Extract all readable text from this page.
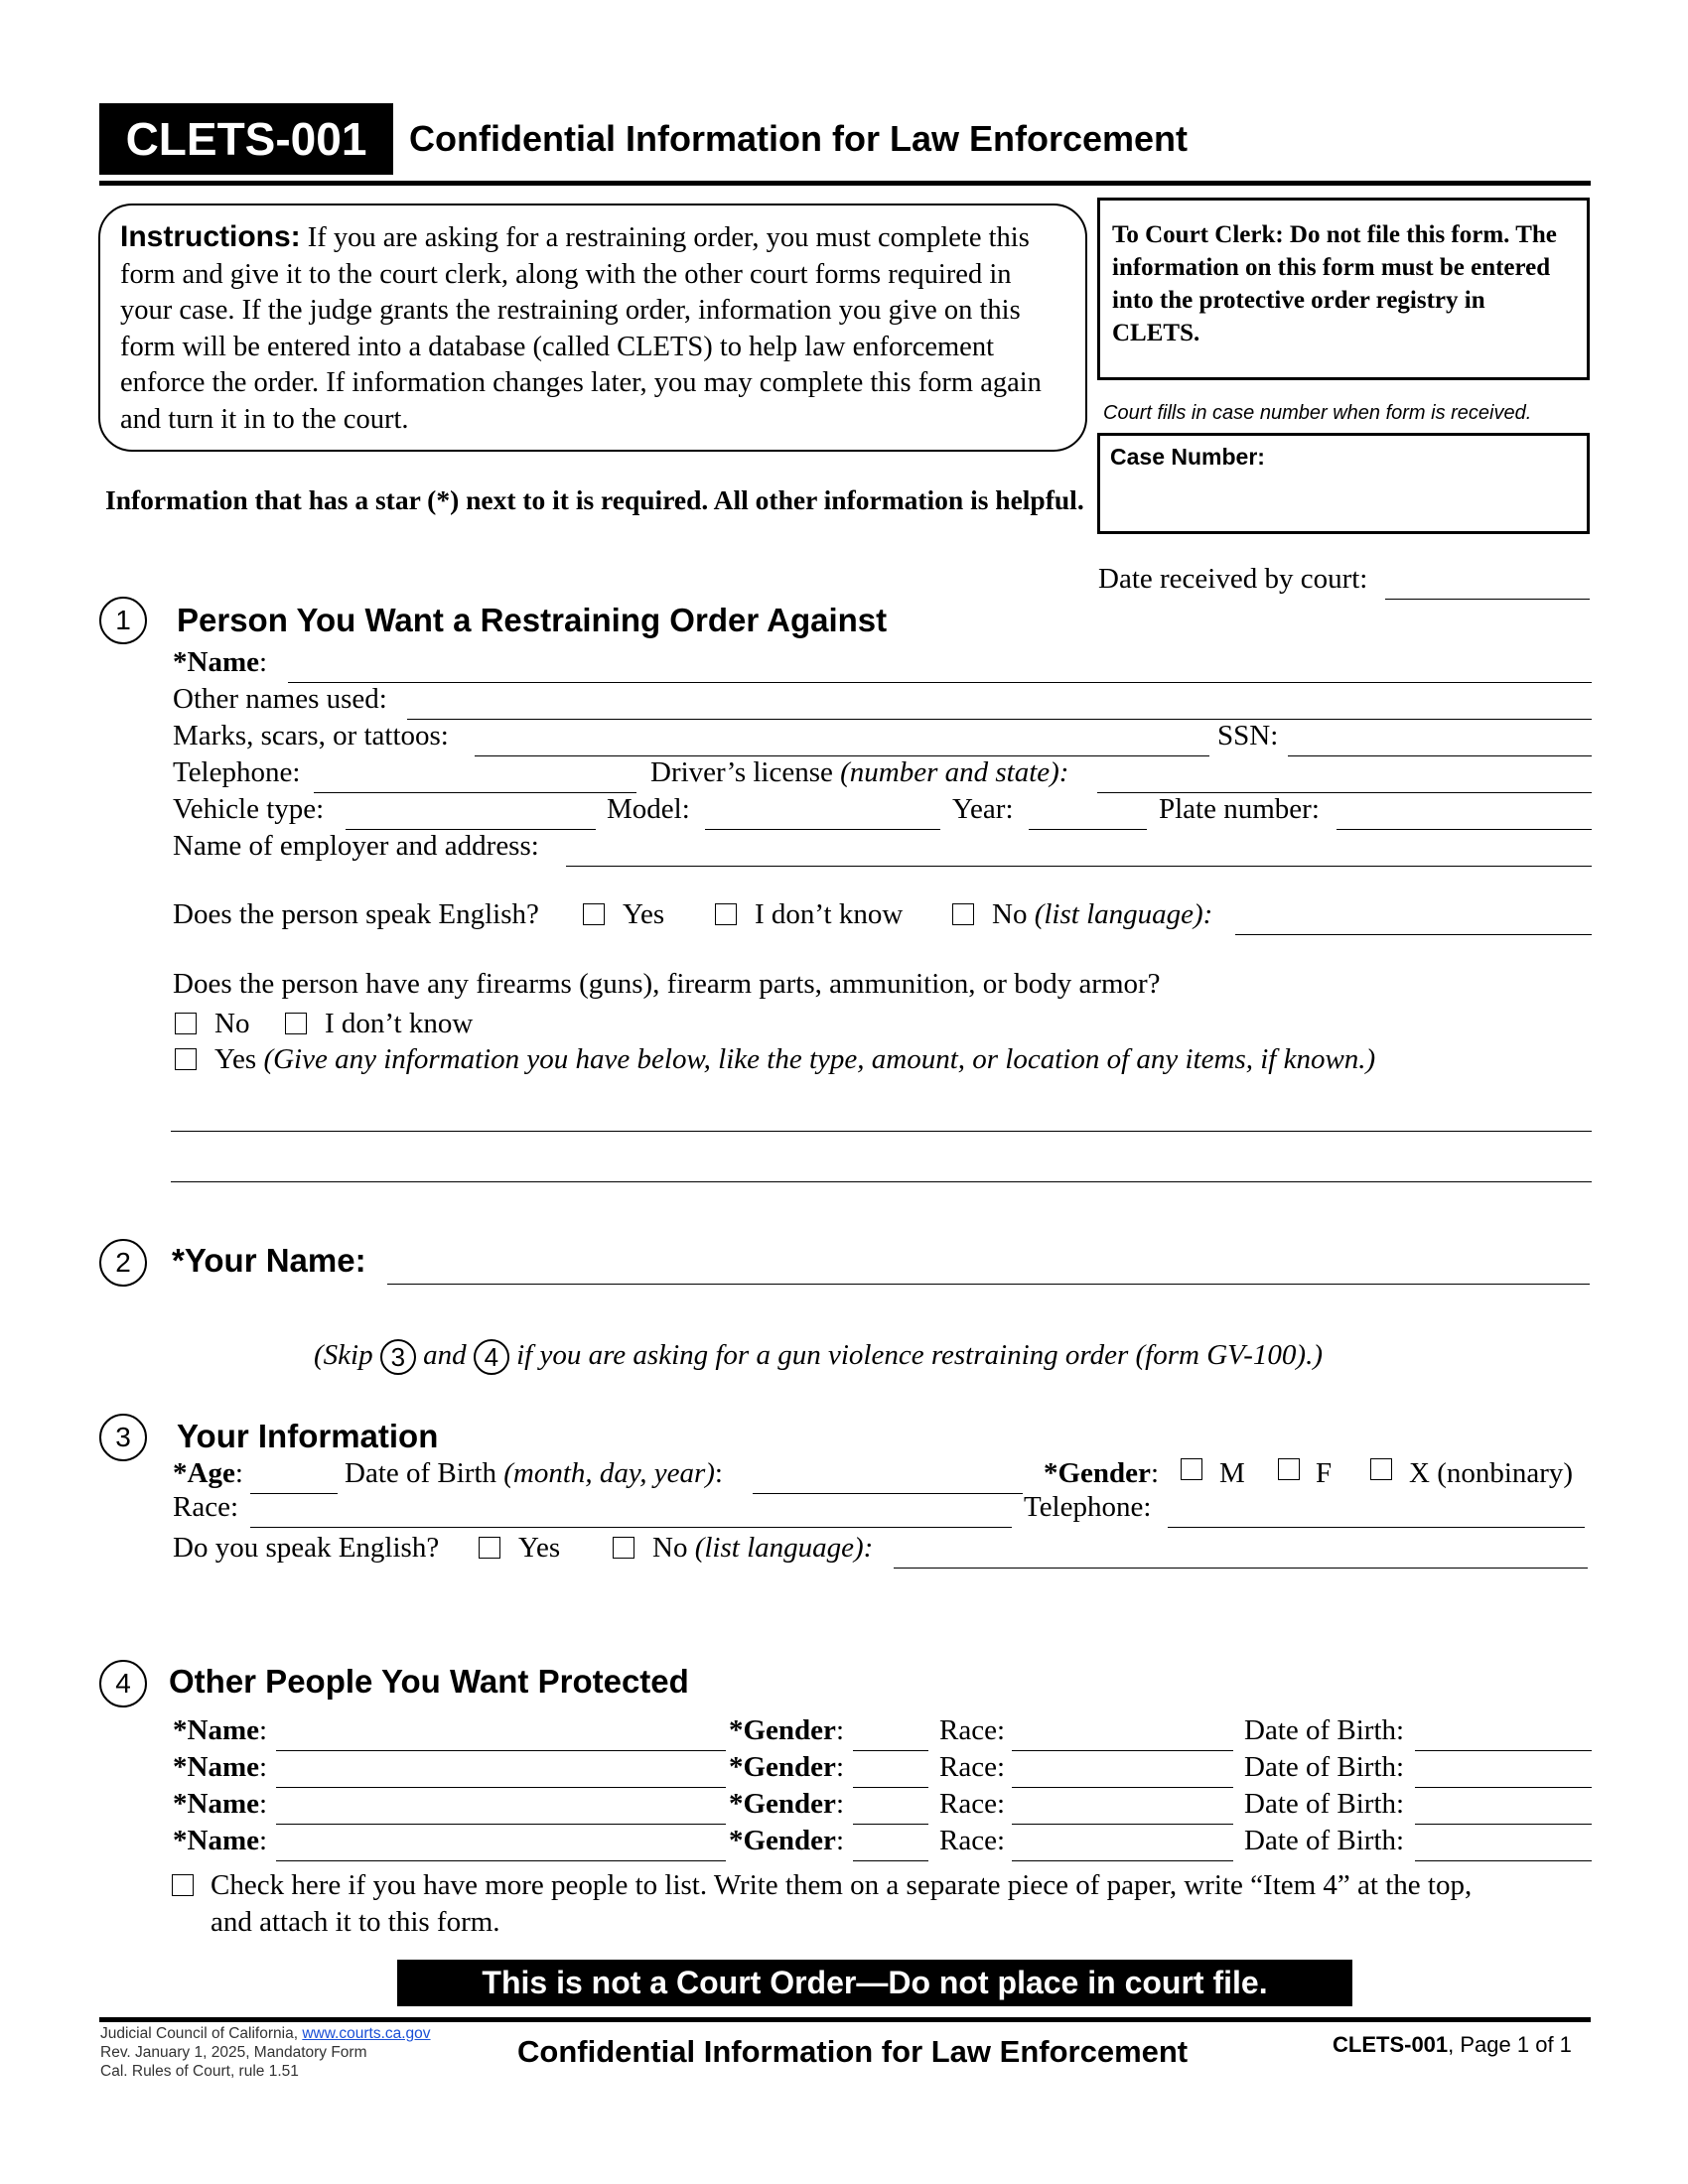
CLETS-001 Confidential Information for Law Enforcement
Instructions: If you are asking for a restraining order, you must complete this form and give it to the court clerk, along with the other court forms required in your case. If the judge grants the restraining order, information you give on this form will be entered into a database (called CLETS) to help law enforcement enforce the order. If information changes later, you may complete this form again and turn it in to the court.
To Court Clerk: Do not file this form. The information on this form must be entered into the protective order registry in CLETS.
Court fills in case number when form is received.
Case Number:
Information that has a star (*) next to it is required. All other information is helpful.
Date received by court:
1	Person You Want a Restraining Order Against
*Name:
Other names used:
Marks, scars, or tattoos:	SSN:
Telephone:	Driver’s license (number and state):
Vehicle type:	Model:	Year:	Plate number:
Name of employer and address:
Does the person speak English?	Yes	I don’t know	No (list language):
Does the person have any firearms (guns), firearm parts, ammunition, or body armor?
No	I don’t know
Yes (Give any information you have below, like the type, amount, or location of any items, if known.)
2	*Your Name:
(Skip 3 and 4 if you are asking for a gun violence restraining order (form GV-100).)
3	Your Information
*Age:	Date of Birth (month, day, year):	*Gender: M F	X (nonbinary)
Race:	Telephone:
Do you speak English?	Yes	No (list language):
4	Other People You Want Protected
*Name:	*Gender:	Race:	Date of Birth:
*Name:	*Gender:	Race:	Date of Birth:
*Name:	*Gender:	Race:	Date of Birth:
*Name:	*Gender:	Race:	Date of Birth:
Check here if you have more people to list. Write them on a separate piece of paper, write “Item 4” at the top,
and attach it to this form.
This is not a Court Order—Do not place in court file.
Judicial Council of California, www.courts.ca.gov
Rev. January 1, 2025, Mandatory Form
Cal. Rules of Court, rule 1.51
Confidential Information for Law Enforcement	CLETS-001, Page 1 of 1
